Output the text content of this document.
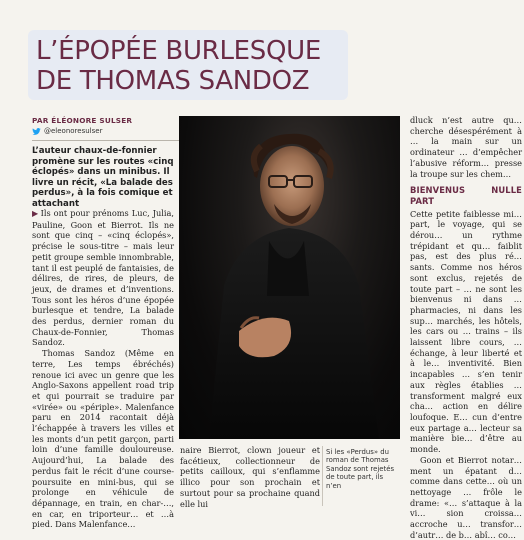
L’ÉPOPÉE BURLESQUE
DE THOMAS SANDOZ
PAR ÉLÉONORE SULSER
@eleonoresulser
L’auteur chaux-de-fonnier promène sur les routes «cinq éclopés» dans un minibus. Il livre un récit, «La balade des perdus», à la fois comique et attachant

▶ Ils ont pour prénoms Luc, Julia, Pauline, Goon et Bierrot. Ils ne sont que cinq – «cinq éclopés», précise le sous-titre – mais leur petit groupe semble innombrable, tant il est peuplé de fantaisies, de délires, de rires, de pleurs, de jeux, de drames et d’inventions. Tous sont les héros d’une épopée burlesque et tendre, La balade des perdus, dernier roman du Chaux-de-Fonnier, Thomas Sandoz.

Thomas Sandoz (Même en terre, Les temps ébréchés) renoue ici avec un genre que les Anglo-Saxons appellent road trip et qui pourrait se traduire par «virée» ou «périple». Malenfance paru en 2014 racontait déjà l’échappée à travers les villes et les monts d’un petit garçon, parti loin d’une famille douloureuse. Aujourd’hui, La balade des perdus fait le récit d’une course-poursuite en mini-bus, qui se prolonge en véhicule de dépannage, en train, en char-…, en car, en triporteur… et …à pied. Dans Malenfance…

naire Bierrot, clown joueur et facétieux, collectionneur de petits cailloux, qui s’enflamme illico pour son prochain et surtout pour sa prochaine quand elle lui
Si les «Perdus» du roman de Thomas Sandoz sont rejetés de toute part, ils n’en

dluck n’est autre qu… cherche désespérément à … la main sur un ordinateur … d’empêcher l’abusive réform… presse la troupe sur les chem…

BIENVENUS NULLE PART

Cette petite faiblesse mi… part, le voyage, qui se dérou… un rythme trépidant et qu… faiblit pas, est des plus ré… sants. Comme nos héros sont exclus, rejetés de toute part – … ne sont les bienvenus ni dans … pharmacies, ni dans les sup… marchés, les hôtels, les cars ou … trains – ils laissent libre cours, … échange, à leur liberté et à le… inventivité. Bien incapables … s’en tenir aux règles établies … transforment malgré eux cha… action en délire loufoque. E… cun d’entre eux partage a… lecteur sa manière bie… d’être au monde.

Goon et Bierrot notar… ment un épatant d… comme dans cette… où un nettoyage … frôle le drame: «… s’attaque à la vi… sion croissa… accroche u… transfor… d’autr… de b… abî… co…
